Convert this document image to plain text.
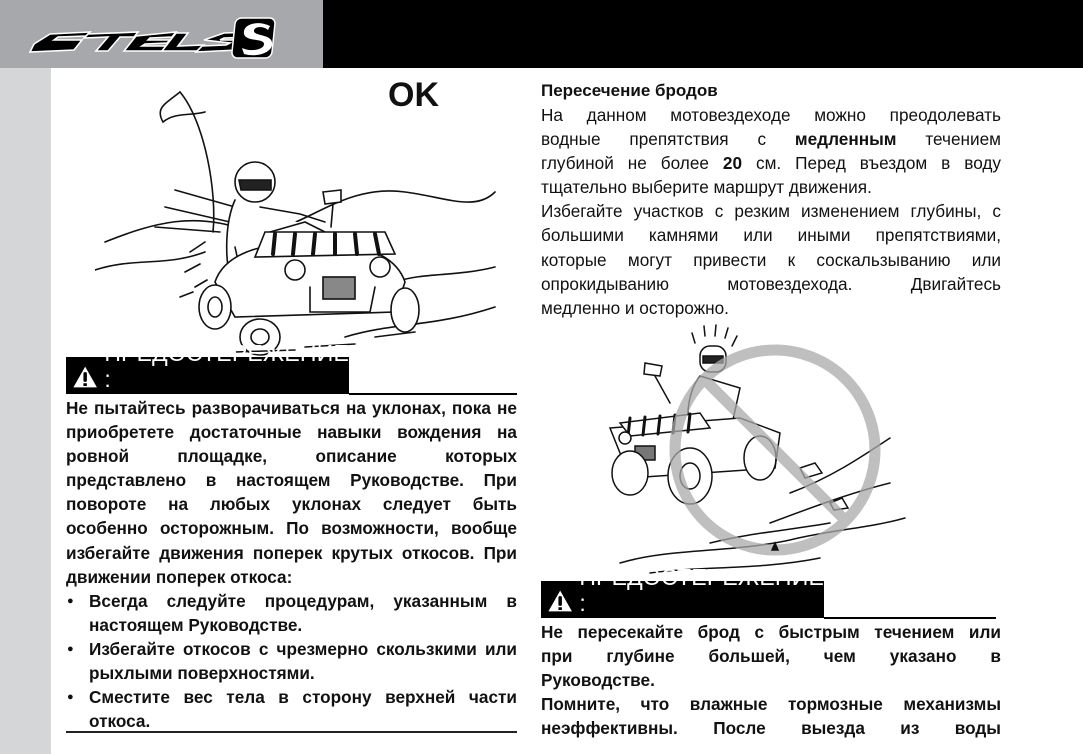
OK
ПРЕДОСТЕРЕЖЕНИЕ :
Не пытайтесь разворачиваться на уклонах, пока не
приобретете достаточные навыки вождения на
ровной площадке, описание которых
представлено в настоящем Руководстве. При
повороте на любых уклонах следует быть
особенно осторожным. По возможности, вообще
избегайте движения поперек крутых откосов. При
движении поперек откоса:
● Всегда следуйте процедурам, указанным в
настоящем Руководстве.
● Избегайте откосов с чрезмерно скользкими или
рыхлыми поверхностями.
● Сместите вес тела в сторону верхней части
откоса.
Пересечение бродов
На данном мотовездеходе можно преодолевать
водные препятствия с медленным течением
глубиной не более 20 см. Перед въездом в воду
тщательно выберите маршрут движения.
Избегайте участков с резким изменением глубины, с
большими камнями или иными препятствиями,
которые могут привести к соскальзыванию или
опрокидыванию мотовездехода. Двигайтесь
медленно и осторожно.
ПРЕДОСТЕРЕЖЕНИЕ :
Не пересекайте брод с быстрым течением или
при глубине большей, чем указано в
Руководстве.
Помните, что влажные тормозные механизмы
неэффективны. После выезда из воды
